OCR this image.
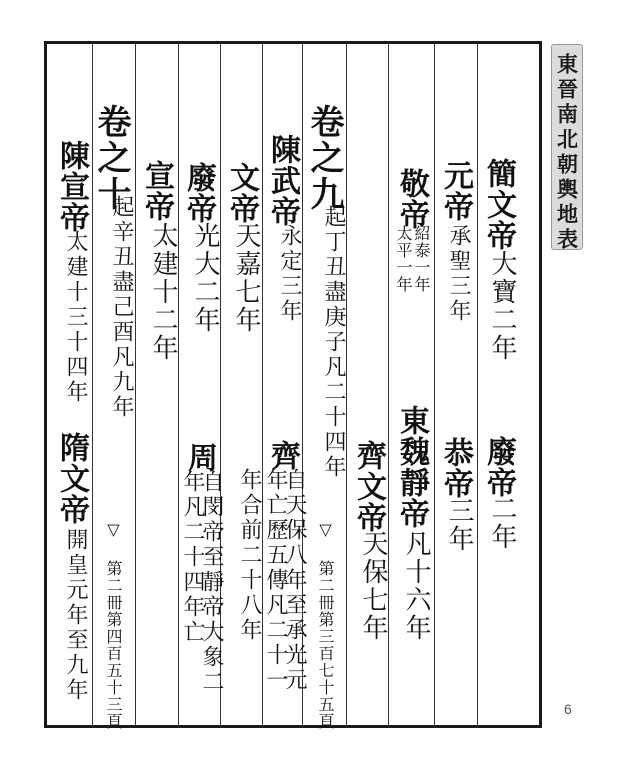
簡文帝
大寶二年
廢帝
二年
元帝
承聖三年
恭帝
三年
敬帝
紹泰一年
太平一年
東魏靜帝
凡十六年
齊文帝
天保七年
卷之九
起丁丑盡庚子凡二十四年
▽ 第二冊第三百七十五頁
陳武帝
永定三年
齊
自天保八年至承光元
年亡歷五傳凡二十一
文帝
天嘉七年
年合前二十八年
廢帝
光大二年
周
自閔帝至靜帝大象二
年凡二十四年亡
宣帝
太建十二年
卷之十
起辛丑盡己酉凡九年
▽ 第二冊第四百五十三頁
陳宣帝
太建十三十四年
隋文帝
開皇元年至九年
東晉南北朝輿地表
6
